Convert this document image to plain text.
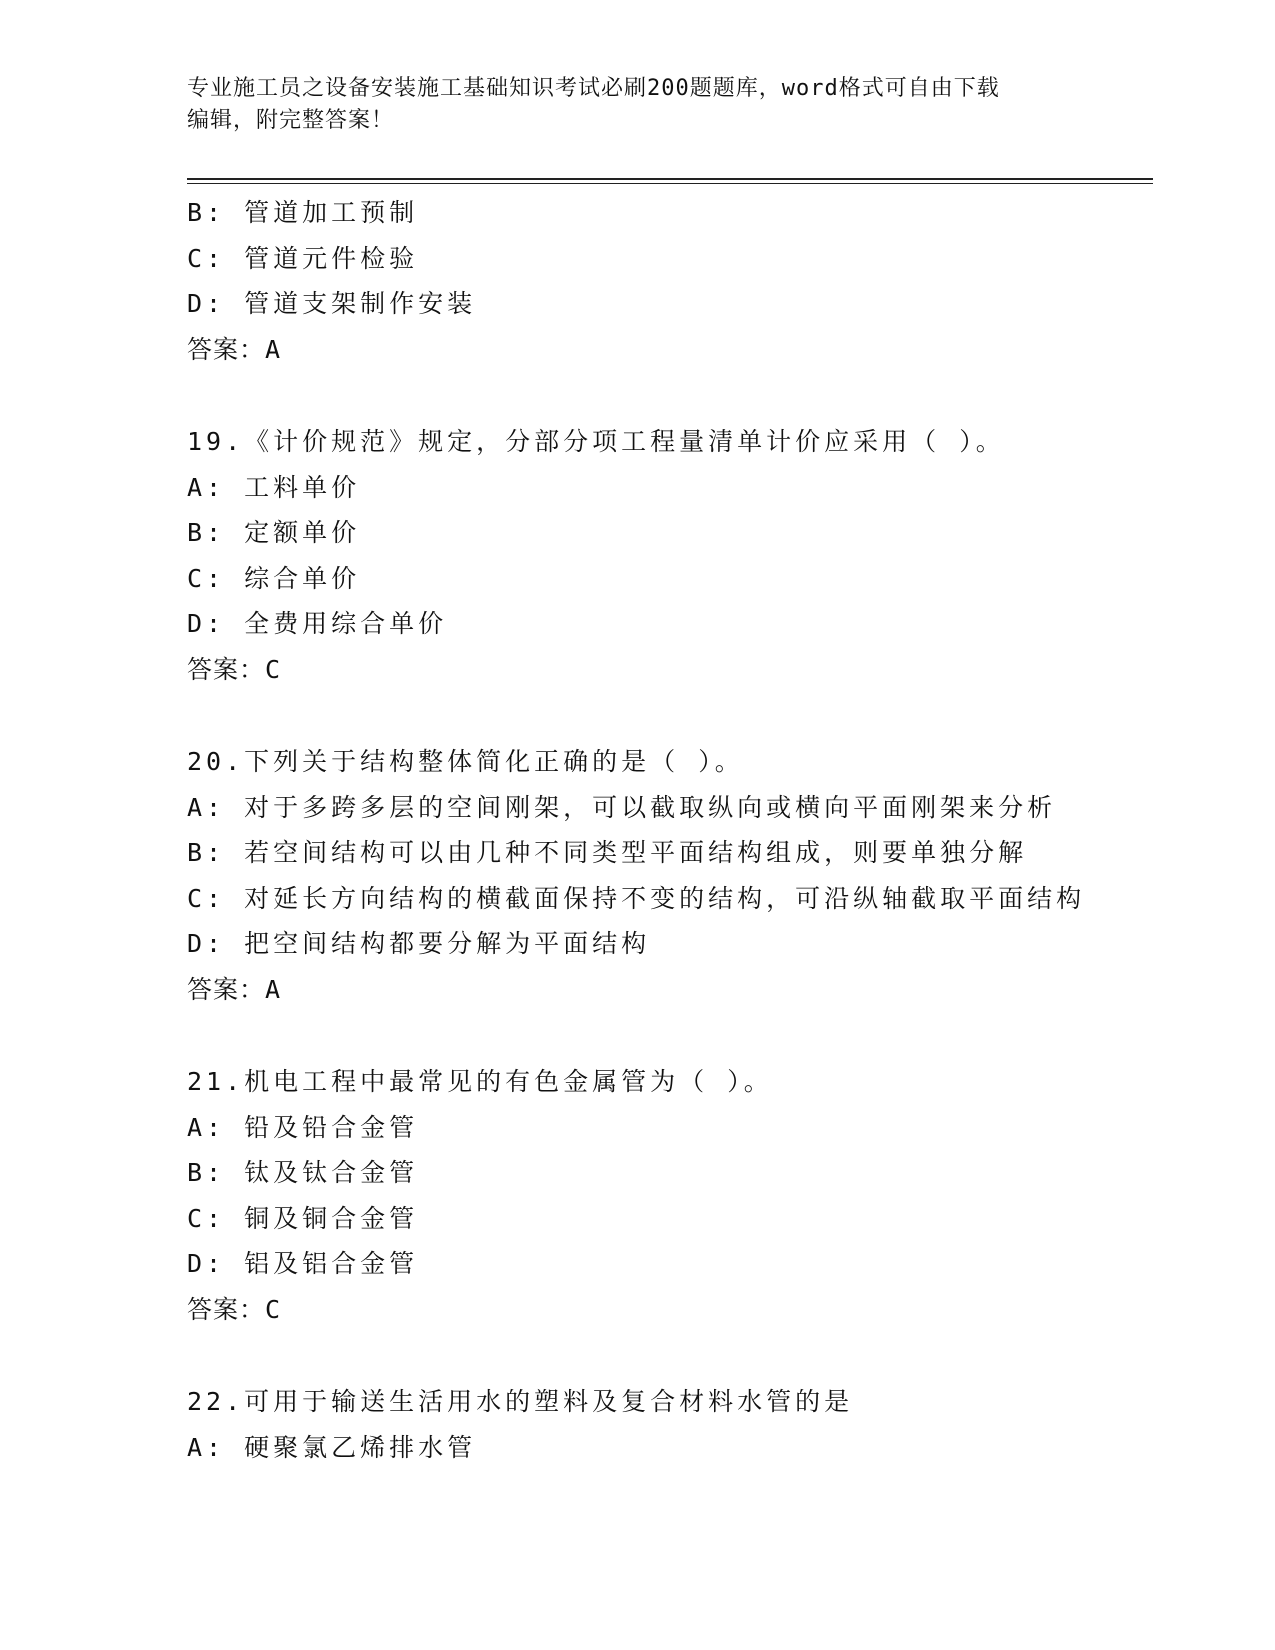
专业施工员之设备安装施工基础知识考试必刷200题题库，word格式可自由下载
编辑，附完整答案！
B: 管道加工预制
C: 管道元件检验
D: 管道支架制作安装
答案：A
19.《计价规范》规定，分部分项工程量清单计价应采用（ ）。
A: 工料单价
B: 定额单价
C: 综合单价
D: 全费用综合单价
答案：C
20.下列关于结构整体简化正确的是（ ）。
A: 对于多跨多层的空间刚架，可以截取纵向或横向平面刚架来分析
B: 若空间结构可以由几种不同类型平面结构组成，则要单独分解
C: 对延长方向结构的横截面保持不变的结构，可沿纵轴截取平面结构
D: 把空间结构都要分解为平面结构
答案：A
21.机电工程中最常见的有色金属管为（ ）。
A: 铅及铅合金管
B: 钛及钛合金管
C: 铜及铜合金管
D: 铝及铝合金管
答案：C
22.可用于输送生活用水的塑料及复合材料水管的是
A: 硬聚氯乙烯排水管
